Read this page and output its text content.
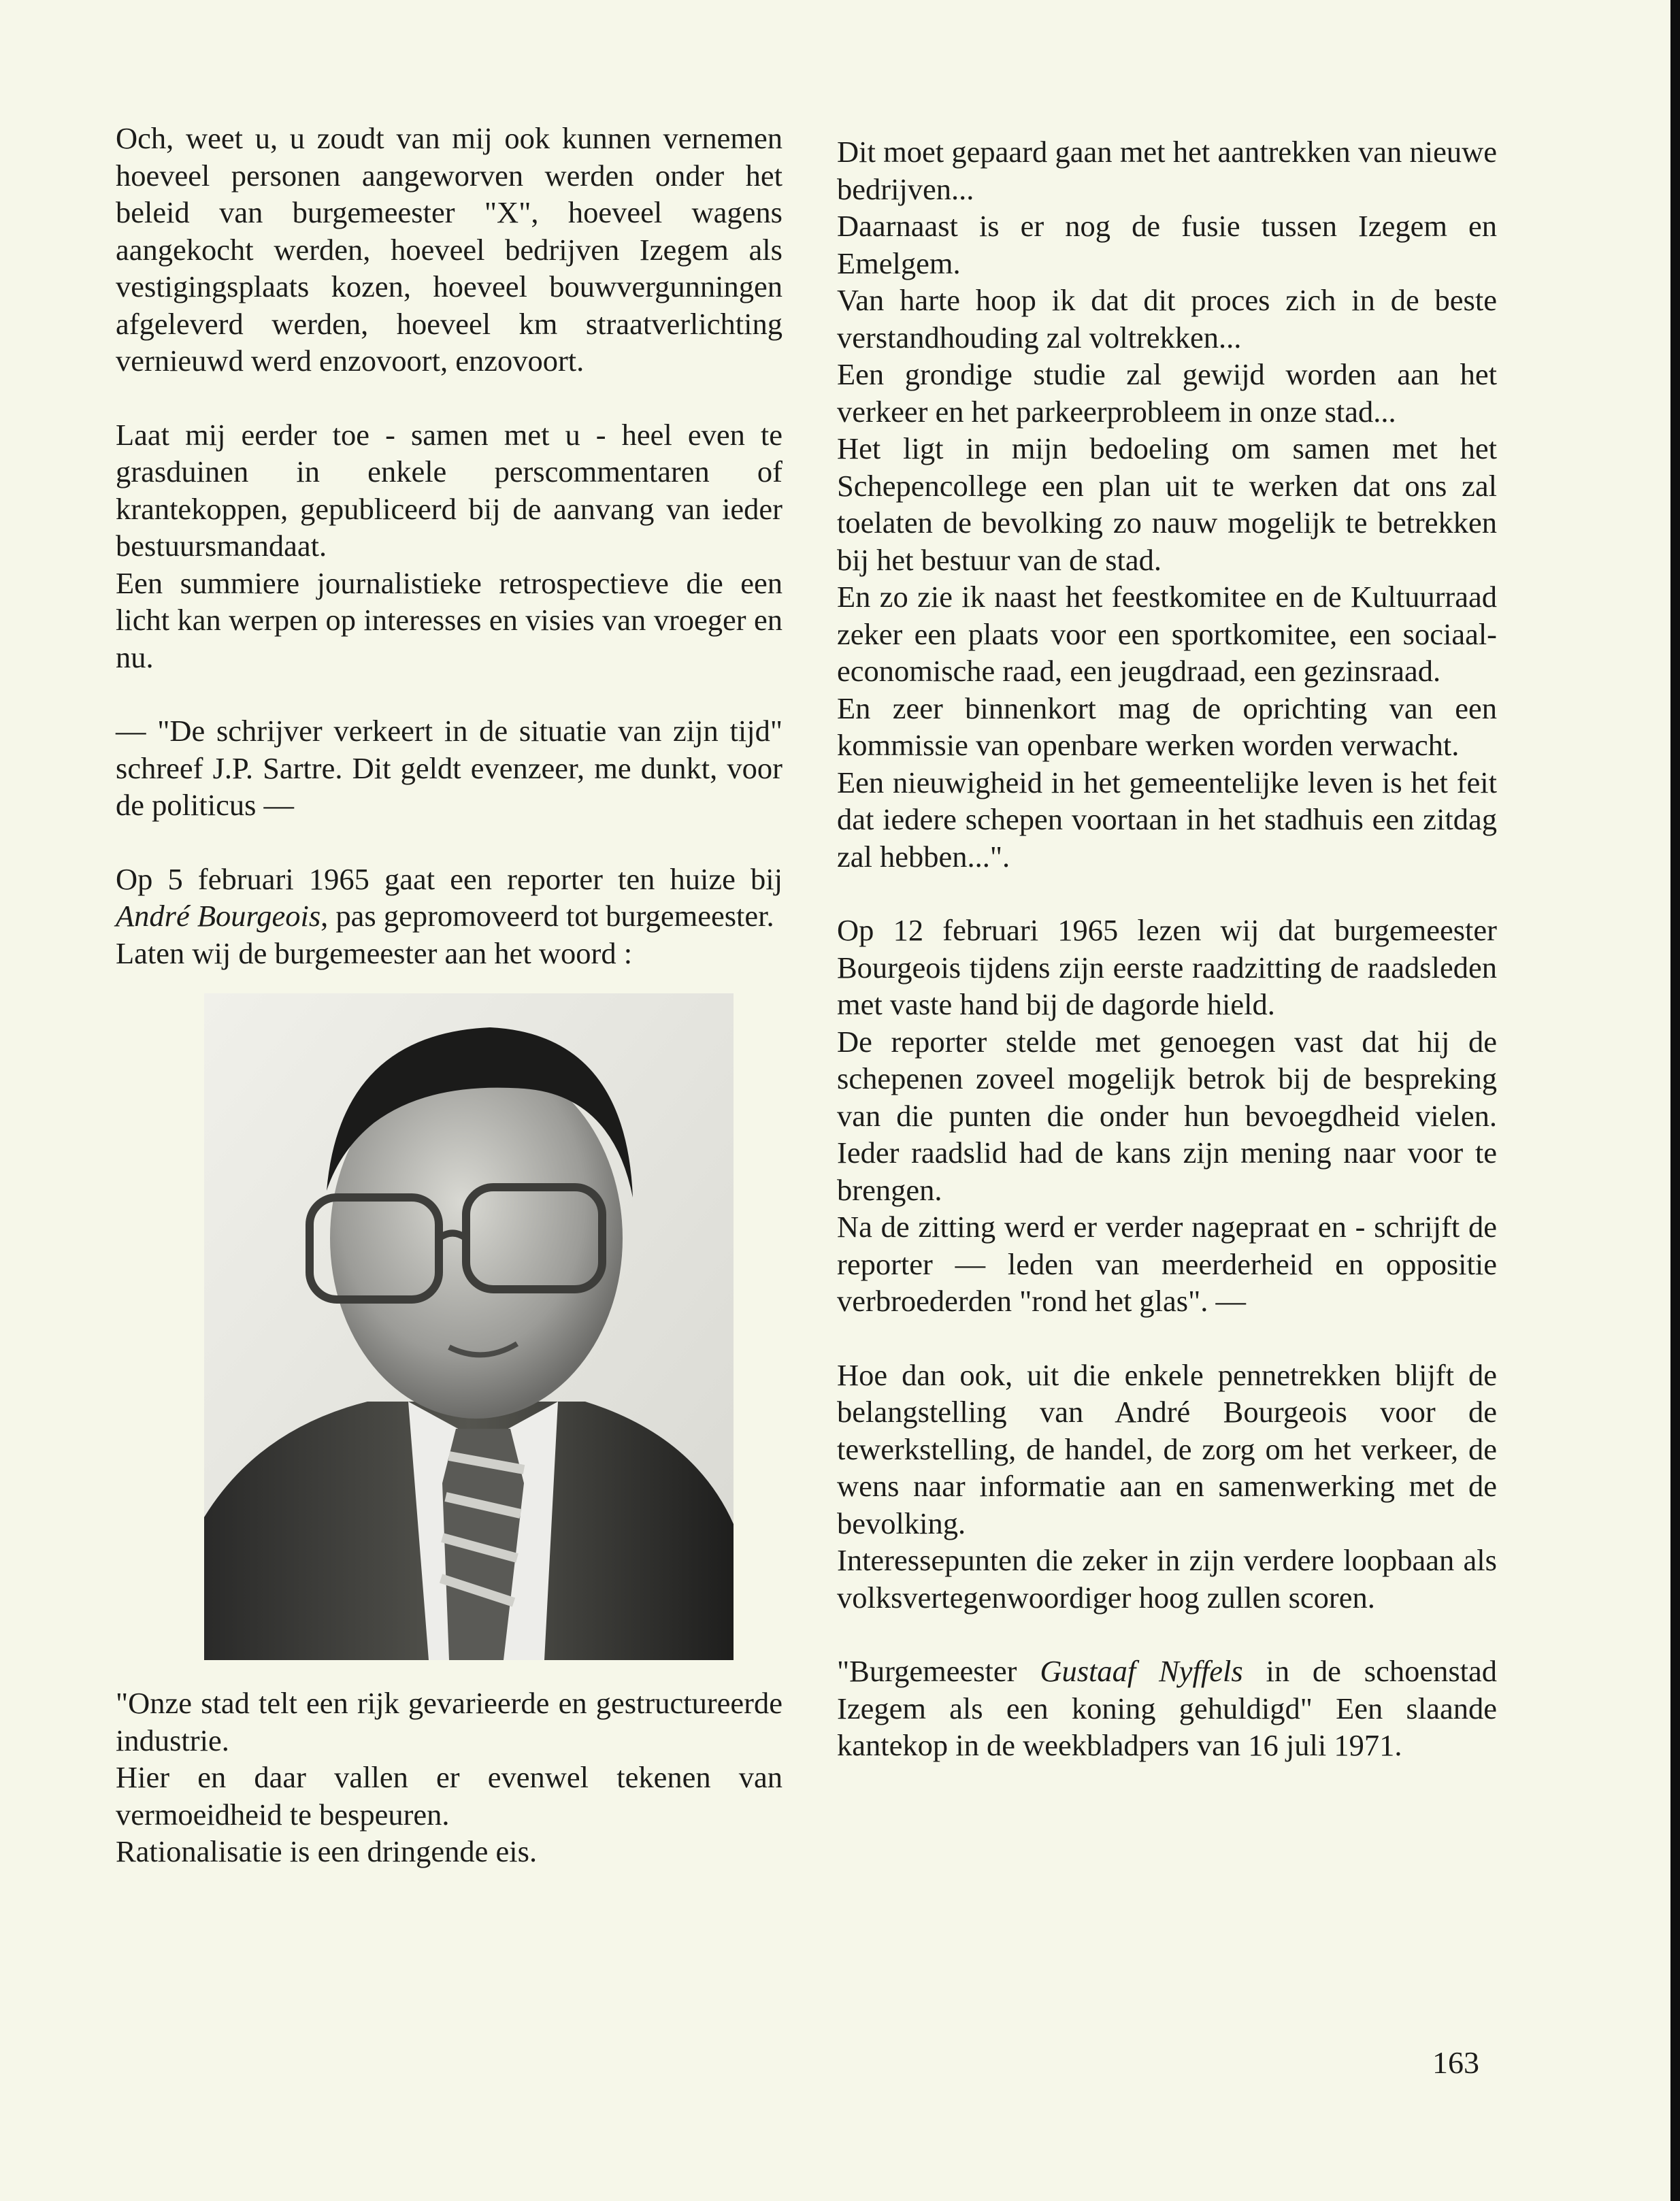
Och, weet u, u zoudt van mij ook kunnen vernemen hoeveel personen aangeworven werden onder het beleid van burgemeester "X", hoeveel wagens aangekocht werden, hoeveel bedrijven Izegem als vestigingsplaats kozen, hoeveel bouwvergunningen afgeleverd werden, hoeveel km straatverlichting vernieuwd werd enzovoort, enzovoort.

Laat mij eerder toe - samen met u - heel even te grasduinen in enkele perscommentaren of krantekoppen, gepubliceerd bij de aanvang van ieder bestuursmandaat.

Een summiere journalistieke retrospectieve die een licht kan werpen op interesses en visies van vroeger en nu.

— "De schrijver verkeert in de situatie van zijn tijd" schreef J.P. Sartre. Dit geldt evenzeer, me dunkt, voor de politicus —

Op 5 februari 1965 gaat een reporter ten huize bij André Bourgeois, pas gepromoveerd tot burgemeester.

Laten wij de burgemeester aan het woord :

"Onze stad telt een rijk gevarieerde en gestructureerde industrie.

Hier en daar vallen er evenwel tekenen van vermoeidheid te bespeuren.

Rationalisatie is een dringende eis.

Dit moet gepaard gaan met het aantrekken van nieuwe bedrijven...

Daarnaast is er nog de fusie tussen Izegem en Emelgem.

Van harte hoop ik dat dit proces zich in de beste verstandhouding zal voltrekken...

Een grondige studie zal gewijd worden aan het verkeer en het parkeerprobleem in onze stad...

Het ligt in mijn bedoeling om samen met het Schepencollege een plan uit te werken dat ons zal toelaten de bevolking zo nauw mogelijk te betrekken bij het bestuur van de stad.

En zo zie ik naast het feestkomitee en de Kultuurraad zeker een plaats voor een sportkomitee, een sociaal-economische raad, een jeugdraad, een gezinsraad.

En zeer binnenkort mag de oprichting van een kommissie van openbare werken worden verwacht.

Een nieuwigheid in het gemeentelijke leven is het feit dat iedere schepen voortaan in het stadhuis een zitdag zal hebben...".

Op 12 februari 1965 lezen wij dat burgemeester Bourgeois tijdens zijn eerste raadzitting de raadsleden met vaste hand bij de dagorde hield.

De reporter stelde met genoegen vast dat hij de schepenen zoveel mogelijk betrok bij de bespreking van die punten die onder hun bevoegdheid vielen. Ieder raadslid had de kans zijn mening naar voor te brengen.

Na de zitting werd er verder nagepraat en - schrijft de reporter — leden van meerderheid en oppositie verbroederden "rond het glas". —

Hoe dan ook, uit die enkele pennetrekken blijft de belangstelling van André Bourgeois voor de tewerkstelling, de handel, de zorg om het verkeer, de wens naar informatie aan en samenwerking met de bevolking.

Interessepunten die zeker in zijn verdere loopbaan als volksvertegenwoordiger hoog zullen scoren.

"Burgemeester Gustaaf Nyffels in de schoenstad Izegem als een koning gehuldigd" Een slaande kantekop in de weekbladpers van 16 juli 1971.

163
